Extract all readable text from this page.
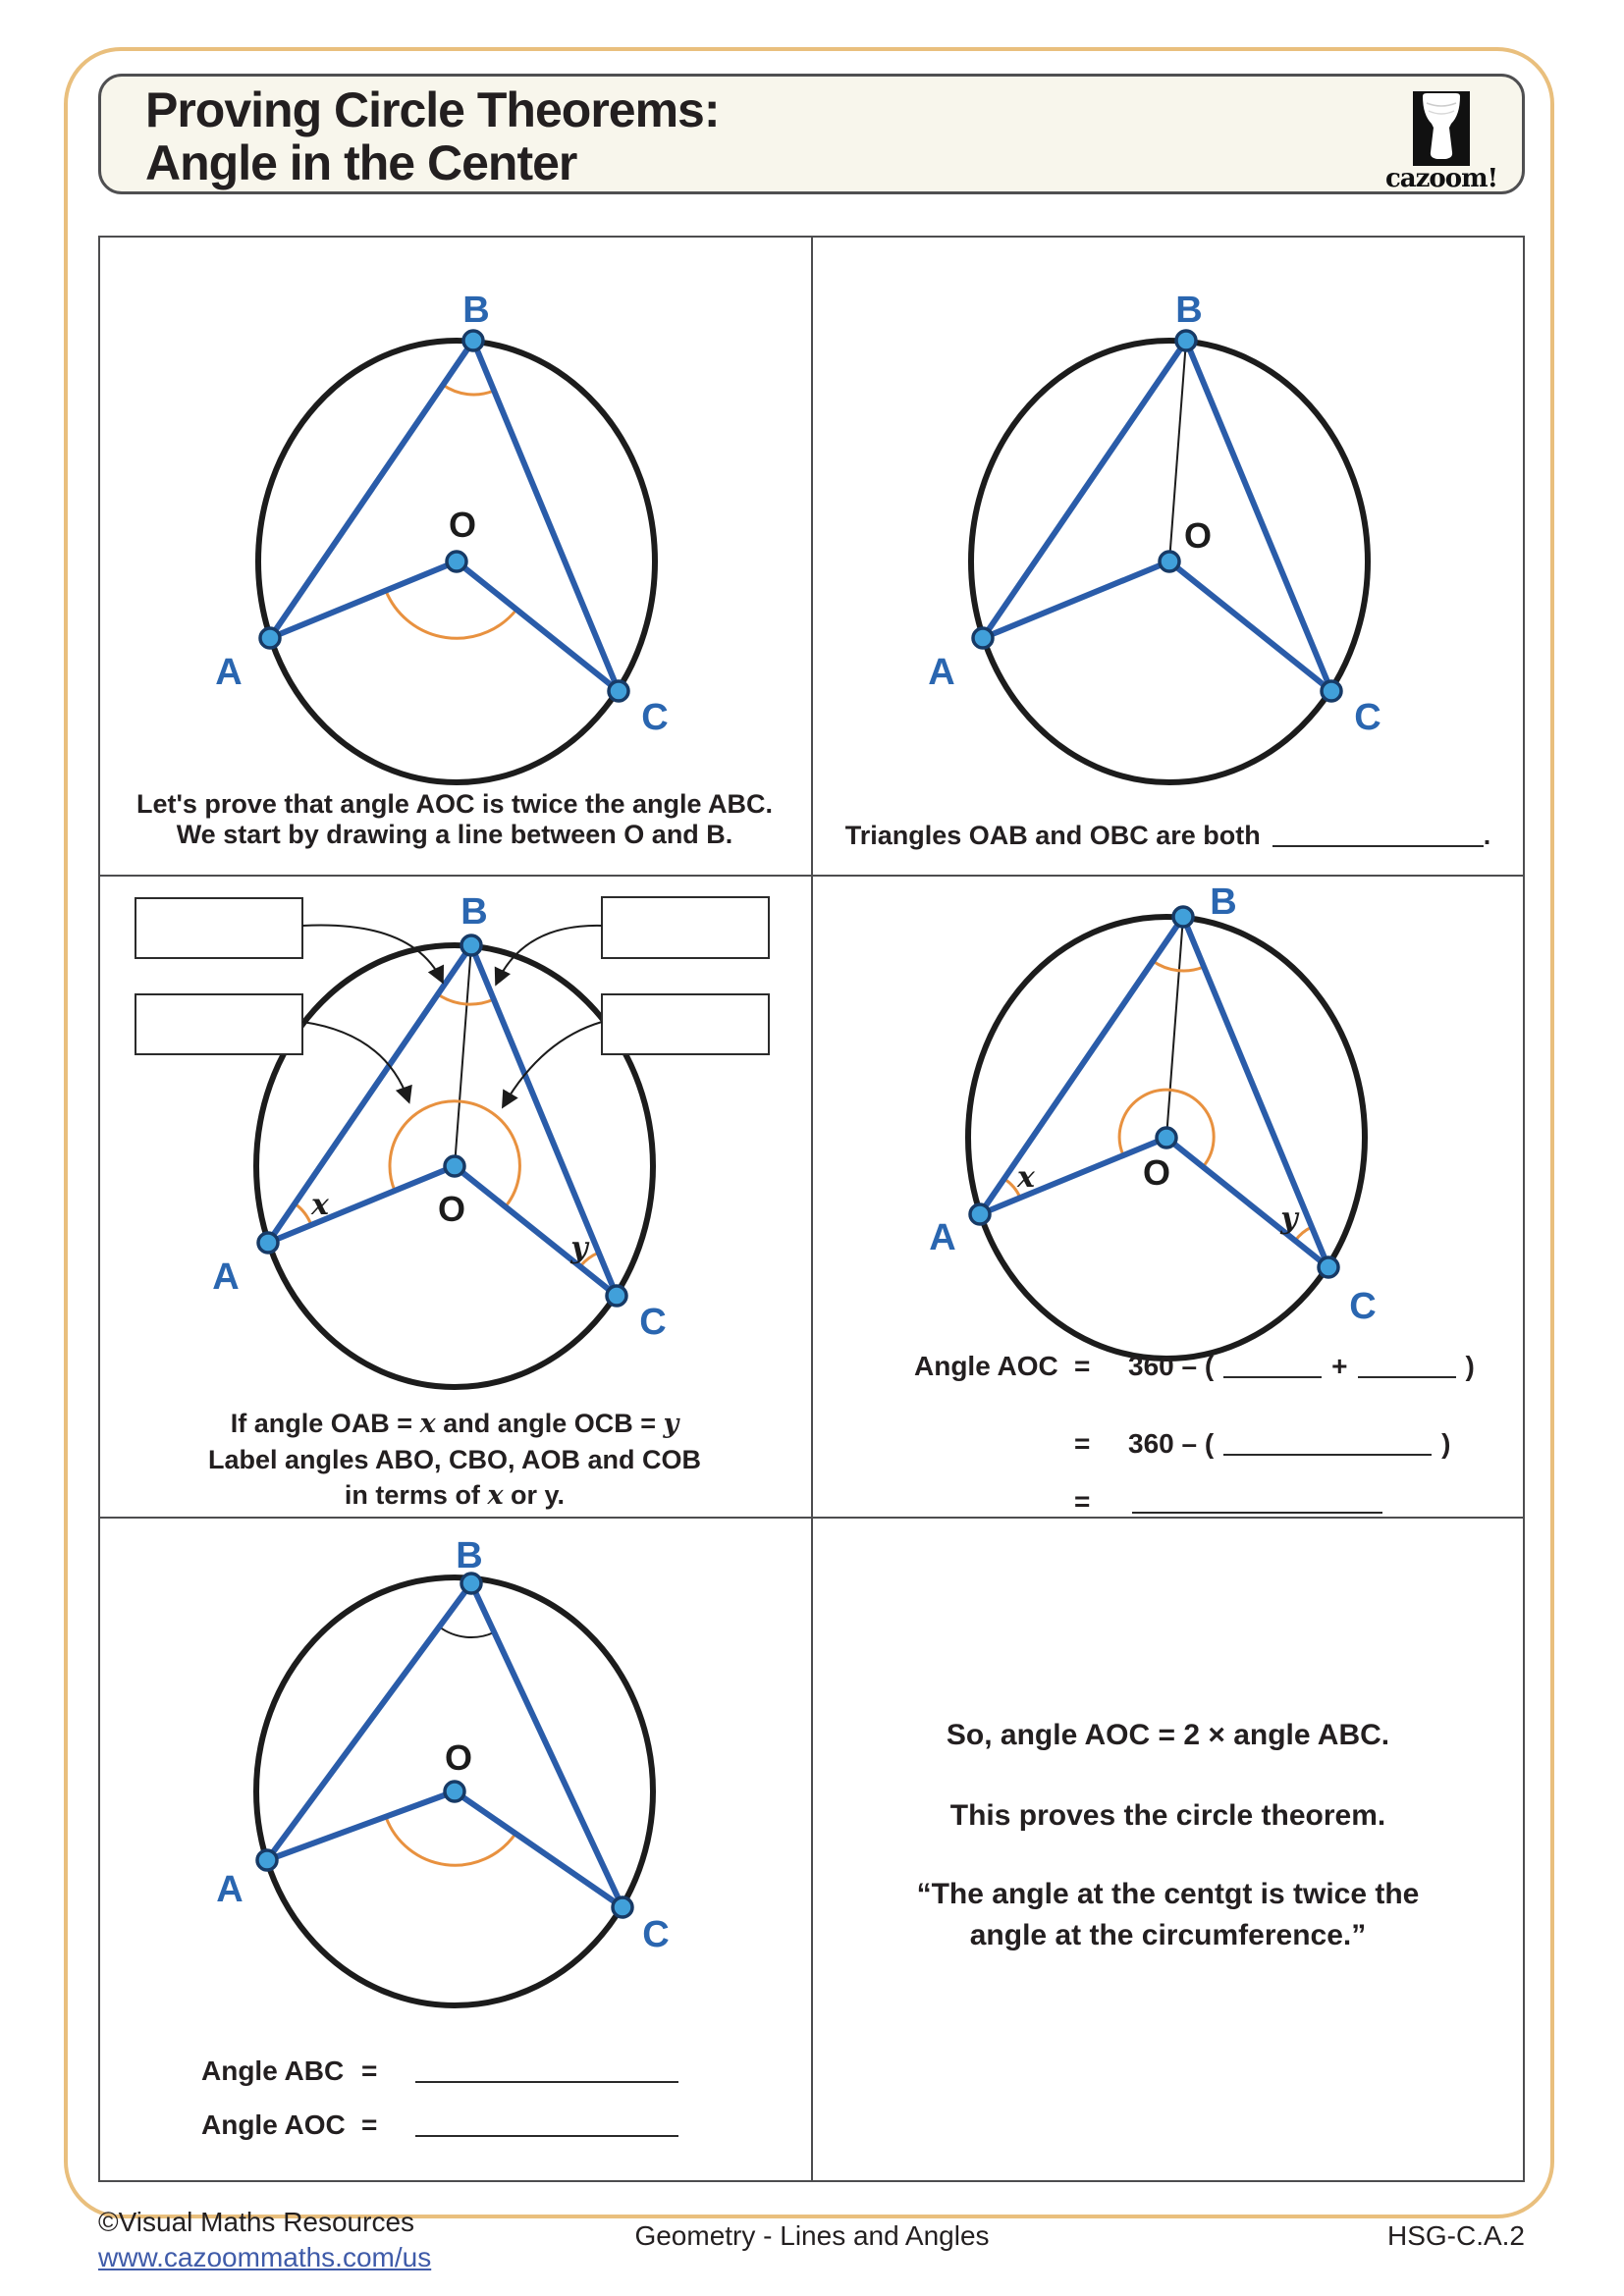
Proving Circle Theorems:
Angle in the Center	cazoom!
B
A
C
O
Let's prove that angle AOC is twice the angle ABC.
We start by drawing a line between O and B.
B
A
C
O
Triangles OAB and OBC are both	.
B
A
C
O
x
y
If angle OAB = x and angle OCB = y
Label angles ABO, CBO, AOB and COB
in terms of x or y.
B
A
C
O
x
y
Angle AOC =	360 – (	+	)
=	360 – (	)
=
B
A
C
O
Angle ABC =
Angle AOC =
So, angle AOC = 2 × angle ABC.
This proves the circle theorem.
“The angle at the centgt is twice the
angle at the circumference.”
©Visual Maths Resources
www.cazoommaths.com/us
Geometry - Lines and Angles	HSG-C.A.2
